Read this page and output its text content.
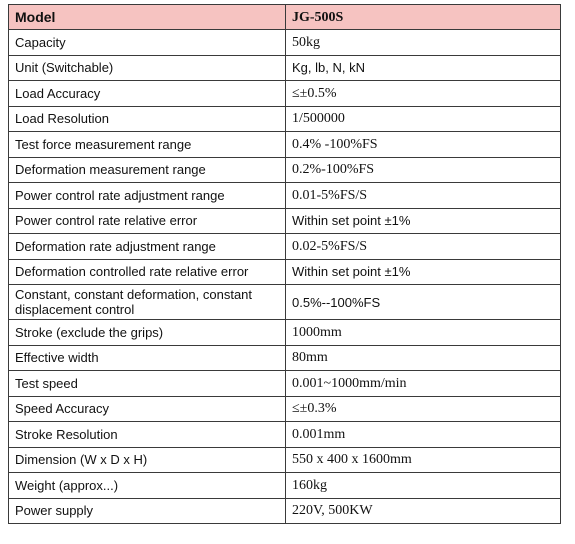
Model	JG-500S
Capacity	50kg
Unit (Switchable)	Kg, lb, N, kN
Load Accuracy	≤±0.5%
Load Resolution	1/500000
Test force measurement range	0.4% -100%FS
Deformation measurement range	0.2%-100%FS
Power control rate adjustment range	0.01-5%FS/S
Power control rate relative error	Within set point ±1%
Deformation rate adjustment range	0.02-5%FS/S
Deformation controlled rate relative error	Within set point ±1%
Constant, constant deformation, constant displacement control	0.5%--100%FS
Stroke (exclude the grips)	1000mm
Effective width	80mm
Test speed	0.001~1000mm/min
Speed Accuracy	≤±0.3%
Stroke Resolution	0.001mm
Dimension (W x D x H)	550 x 400 x 1600mm
Weight (approx...)	160kg
Power supply	220V, 500KW
